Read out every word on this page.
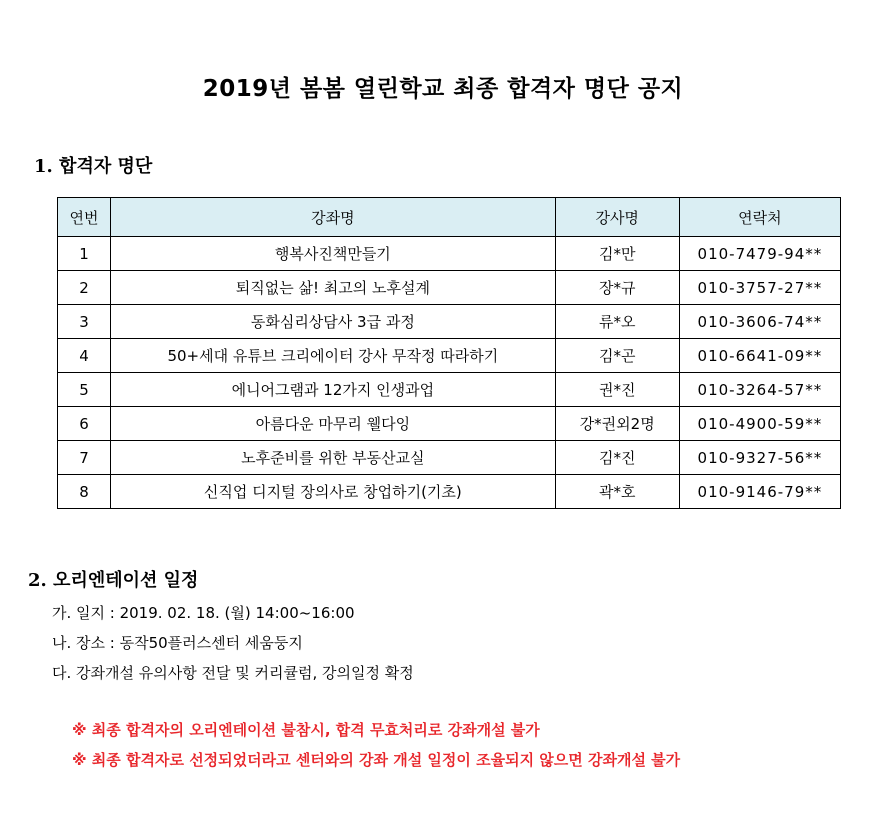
2019년 봄봄 열린학교 최종 합격자 명단 공지
1. 합격자 명단
연번	강좌명	강사명	연락처
1	행복사진책만들기	김*만	010-7479-94**
2	퇴직없는 삶! 최고의 노후설계	장*규	010-3757-27**
3	동화심리상담사 3급 과정	류*오	010-3606-74**
4	50+세대 유튜브 크리에이터 강사 무작정 따라하기	김*곤	010-6641-09**
5	에니어그램과 12가지 인생과업	권*진	010-3264-57**
6	아름다운 마무리 웰다잉	강*권외2명	010-4900-59**
7	노후준비를 위한 부동산교실	김*진	010-9327-56**
8	신직업 디지털 장의사로 창업하기(기초)	곽*호	010-9146-79**
2. 오리엔테이션 일정
가. 일지 : 2019. 02. 18. (월) 14:00~16:00
나. 장소 : 동작50플러스센터 세움둥지
다. 강좌개설 유의사항 전달 및 커리큘럼, 강의일정 확정
※ 최종 합격자의 오리엔테이션 불참시, 합격 무효처리로 강좌개설 불가
※ 최종 합격자로 선정되었더라고 센터와의 강좌 개설 일정이 조율되지 않으면 강좌개설 불가
